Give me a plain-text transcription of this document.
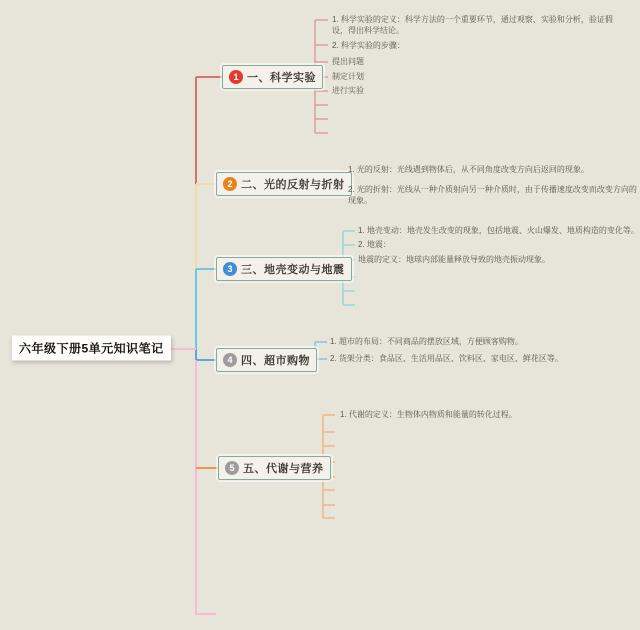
六年级下册5单元知识笔记
1 一、科学实验
2 二、光的反射与折射
3 三、地壳变动与地震
4 四、超市购物
5 五、代谢与营养
1. 科学实验的定义：科学方法的一个重要环节，通过观察、实验和分析，验证假设，得出科学结论。
2. 科学实验的步骤：
提出问题
制定计划
进行实验
1. 光的反射：光线遇到物体后，从不同角度改变方向后返回的现象。
2. 光的折射：光线从一种介质射向另一种介质时，由于传播速度改变而改变方向的现象。
1. 地壳变动：地壳发生改变的现象，包括地震、火山爆发、地质构造的变化等。
2. 地震：
地震的定义：地球内部能量释放导致的地壳振动现象。
1. 超市的布局：不同商品的摆放区域，方便顾客购物。
2. 货架分类：食品区、生活用品区、饮料区、家电区、鲜花区等。
1. 代谢的定义：生物体内物质和能量的转化过程。
